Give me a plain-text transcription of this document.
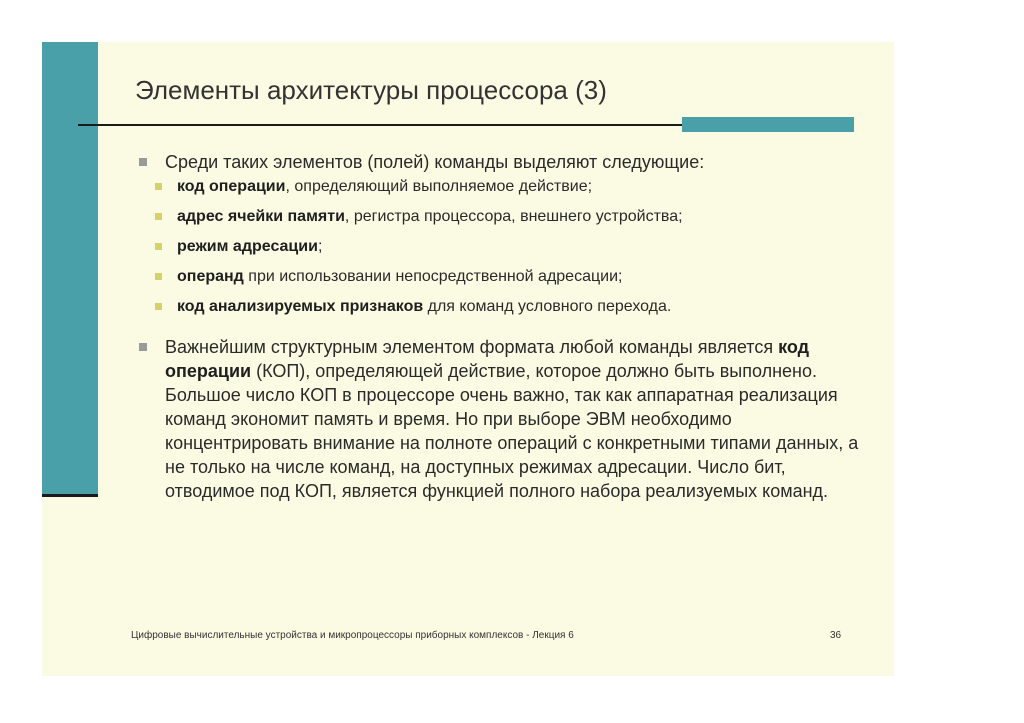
Элементы архитектуры процессора (3)
Среди таких элементов (полей) команды выделяют следующие:
код операции, определяющий выполняемое действие;
адрес ячейки памяти, регистра процессора, внешнего устройства;
режим адресации;
операнд при использовании непосредственной адресации;
код анализируемых признаков для команд условного перехода.
Важнейшим структурным элементом формата любой команды является код операции (КОП), определяющей действие, которое должно быть выполнено. Большое число КОП в процессоре очень важно, так как аппаратная реализация команд экономит память и время. Но при выборе ЭВМ необходимо концентрировать внимание на полноте операций с конкретными типами данных, а не только на числе команд, на доступных режимах адресации. Число бит, отводимое под КОП, является функцией полного набора реализуемых команд.
Цифровые вычислительные устройства и микропроцессоры приборных комплексов - Лекция 6	36
